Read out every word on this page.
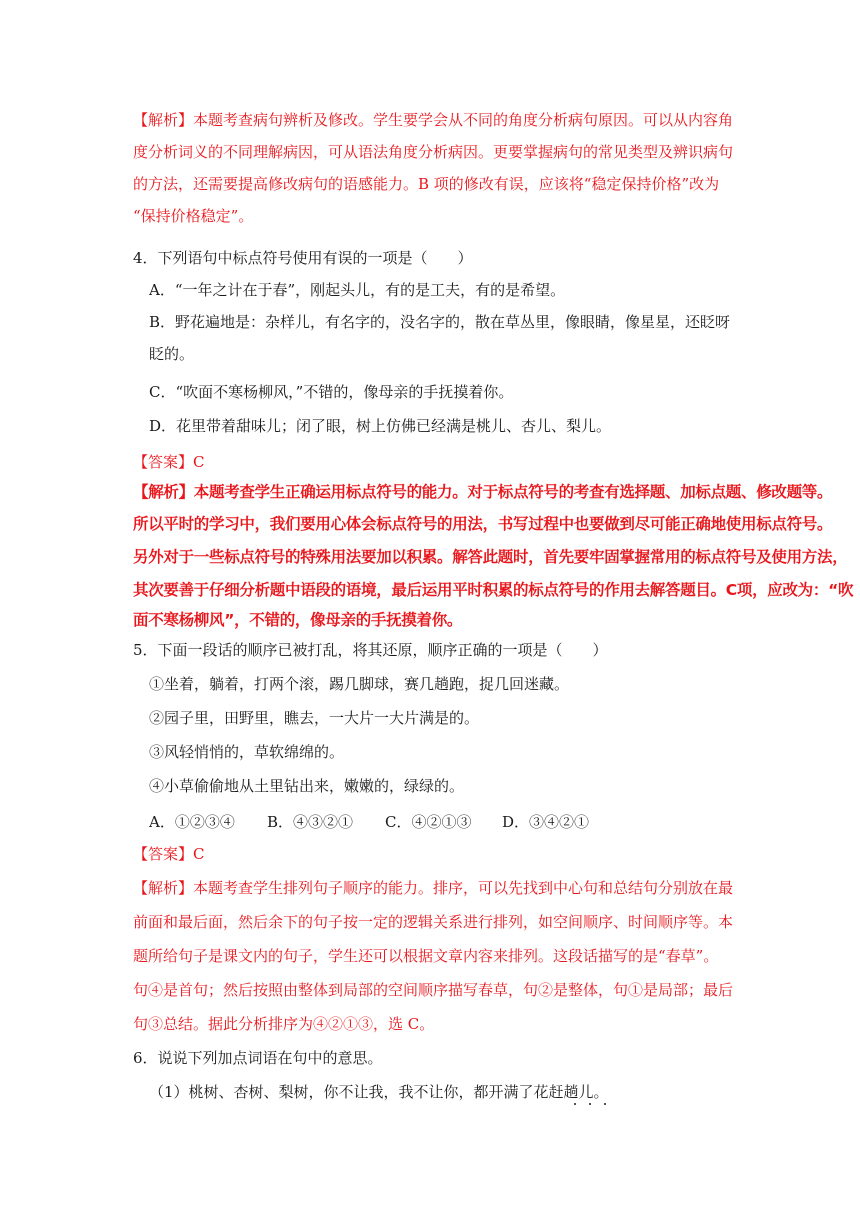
【解析】本题考查病句辨析及修改。学生要学会从不同的角度分析病句原因。可以从内容角
度分析词义的不同理解病因，可从语法角度分析病因。更要掌握病句的常见类型及辨识病句
的方法，还需要提高修改病句的语感能力。B 项的修改有误，应该将“稳定保持价格”改为
“保持价格稳定”。
4．下列语句中标点符号使用有误的一项是（　　）
A．“一年之计在于春”，刚起头儿，有的是工夫，有的是希望。
B．野花遍地是：杂样儿，有名字的，没名字的，散在草丛里，像眼睛，像星星，还眨呀
眨的。
C．“吹面不寒杨柳风，”不错的，像母亲的手抚摸着你。
D．花里带着甜味儿；闭了眼，树上仿佛已经满是桃儿、杏儿、梨儿。
【答案】C
【解析】本题考查学生正确运用标点符号的能力。对于标点符号的考查有选择题、加标点题、修改题等。
所以平时的学习中，我们要用心体会标点符号的用法，书写过程中也要做到尽可能正确地使用标点符号。
另外对于一些标点符号的特殊用法要加以积累。解答此题时，首先要牢固掌握常用的标点符号及使用方法，
其次要善于仔细分析题中语段的语境，最后运用平时积累的标点符号的作用去解答题目。C项，应改为：“吹
面不寒杨柳风”，不错的，像母亲的手抚摸着你。
5．下面一段话的顺序已被打乱，将其还原，顺序正确的一项是（　　）
①坐着，躺着，打两个滚，踢几脚球，赛几趟跑，捉几回迷藏。
②园子里，田野里，瞧去，一大片一大片满是的。
③风轻悄悄的，草软绵绵的。
④小草偷偷地从土里钻出来，嫩嫩的，绿绿的。
A．①②③④ B．④③②① C．④②①③ D．③④②①
【答案】C
【解析】本题考查学生排列句子顺序的能力。排序，可以先找到中心句和总结句分别放在最
前面和最后面，然后余下的句子按一定的逻辑关系进行排列，如空间顺序、时间顺序等。本
题所给句子是课文内的句子，学生还可以根据文章内容来排列。这段话描写的是“春草”。
句④是首句；然后按照由整体到局部的空间顺序描写春草，句②是整体，句①是局部；最后
句③总结。据此分析排序为④②①③，选 C。
6．说说下列加点词语在句中的意思。
（1）桃树、杏树、梨树，你不让我，我不让你，都开满了花赶趟儿。
